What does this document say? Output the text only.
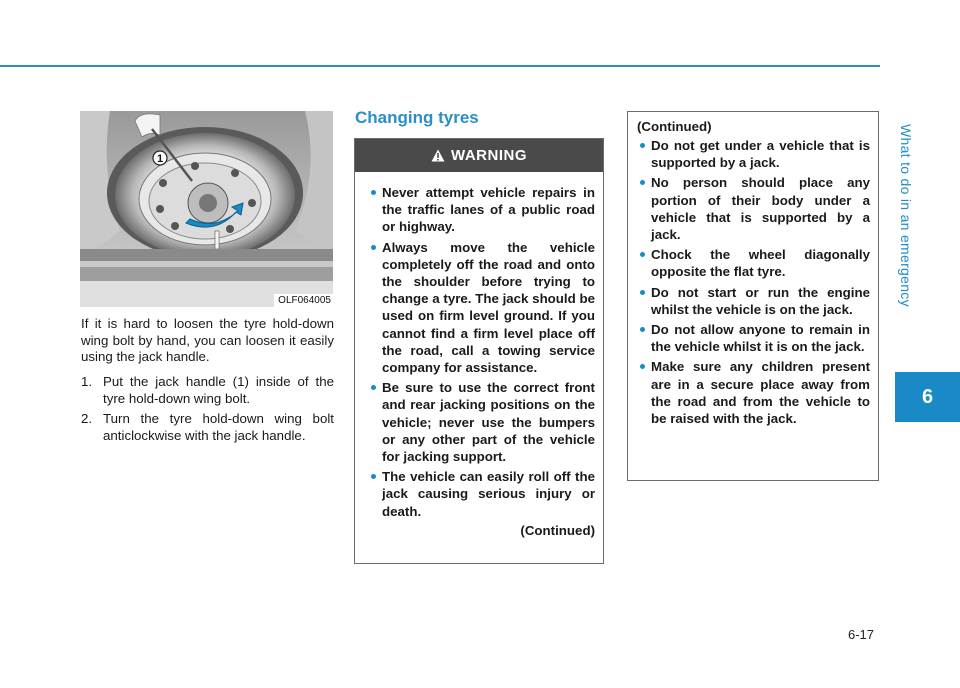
What to do in an emergency
6
1
OLF064005

If it is hard to loosen the tyre hold-down wing bolt by hand, you can loosen it easily using the jack handle.

1. Put the jack handle (1) inside of the tyre hold-down wing bolt.
2. Turn the tyre hold-down wing bolt anticlockwise with the jack handle.
Changing tyres
WARNING
Never attempt vehicle repairs in the traffic lanes of a public road or highway.
Always move the vehicle completely off the road and onto the shoulder before trying to change a tyre. The jack should be used on firm level ground. If you cannot find a firm level place off the road, call a towing service company for assistance.
Be sure to use the correct front and rear jacking positions on the vehicle; never use the bumpers or any other part of the vehicle for jacking support.
The vehicle can easily roll off the jack causing serious injury or death.
(Continued)
(Continued)
Do not get under a vehicle that is supported by a jack.
No person should place any portion of their body under a vehicle that is supported by a jack.
Chock the wheel diagonally opposite the flat tyre.
Do not start or run the engine whilst the vehicle is on the jack.
Do not allow anyone to remain in the vehicle whilst it is on the jack.
Make sure any children present are in a secure place away from the road and from the vehicle to be raised with the jack.
6-17
